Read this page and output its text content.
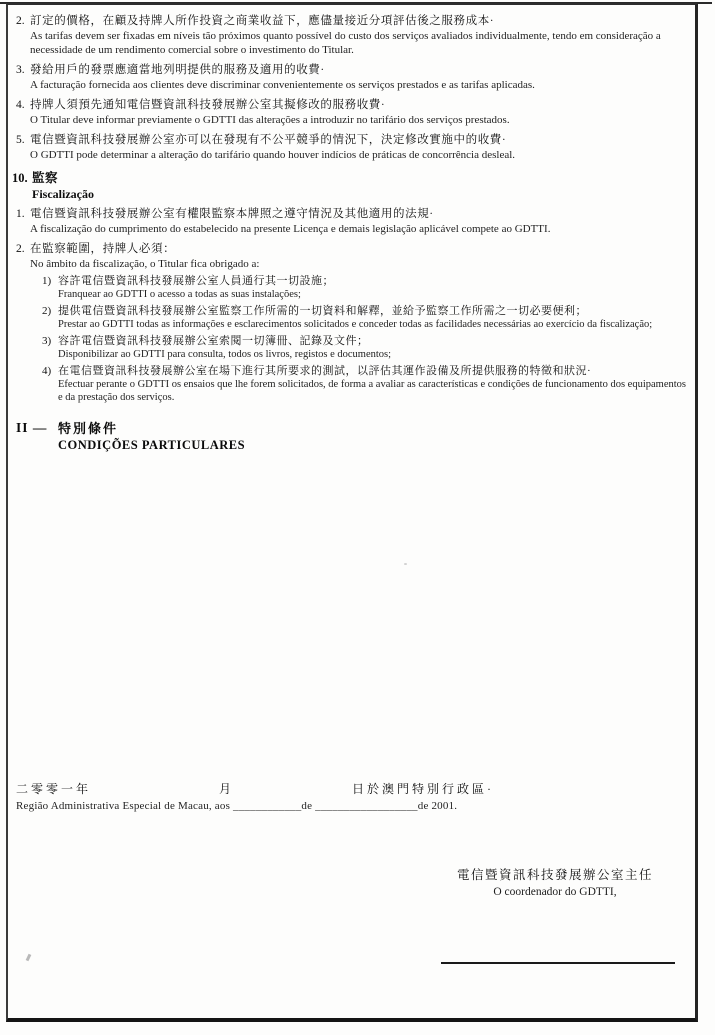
2. 訂定的價格，在顧及持牌人所作投資之商業收益下，應儘量接近分項評估後之服務成本·
As tarifas devem ser fixadas em níveis tão próximos quanto possível do custo dos serviços avaliados individualmente, tendo em consideração a necessidade de um rendimento comercial sobre o investimento do Titular.
3. 發給用戶的發票應適當地列明提供的服務及適用的收費·
A facturação fornecida aos clientes deve discriminar convenientemente os serviços prestados e as tarifas aplicadas.
4. 持牌人須預先通知電信暨資訊科技發展辦公室其擬修改的服務收費·
O Titular deve informar previamente o GDTTI das alterações a introduzir no tarifário dos serviços prestados.
5. 電信暨資訊科技發展辦公室亦可以在發現有不公平競爭的情況下，決定修改實施中的收費·
O GDTTI pode determinar a alteração do tarifário quando houver indícios de práticas de concorrência desleal.
10. 監察
Fiscalização
1. 電信暨資訊科技發展辦公室有權限監察本牌照之遵守情況及其他適用的法規·
A fiscalização do cumprimento do estabelecido na presente Licença e demais legislação aplicável compete ao GDTTI.
2. 在監察範圍，持牌人必須：
No âmbito da fiscalização, o Titular fica obrigado a:
1) 容許電信暨資訊科技發展辦公室人員通行其一切設施；
Franquear ao GDTTI o acesso a todas as suas instalações;
2) 提供電信暨資訊科技發展辦公室監察工作所需的一切資料和解釋，並給予監察工作所需之一切必要便利；
Prestar ao GDTTI todas as informações e esclarecimentos solicitados e conceder todas as facilidades necessárias ao exercício da fiscalização;
3) 容許電信暨資訊科技發展辦公室索閱一切簿冊、記錄及文件；
Disponibilizar ao GDTTI para consulta, todos os livros, registos e documentos;
4) 在電信暨資訊科技發展辦公室在場下進行其所要求的測試，以評估其運作設備及所提供服務的特徵和狀況·
Efectuar perante o GDTTI os ensaios que lhe forem solicitados, de forma a avaliar as características e condições de funcionamento dos equipamentos e da prestação dos serviços.
II — 特別條件
CONDIÇÕES PARTICULARES
二零零一年	月	日於澳門特別行政區·
Região Administrativa Especial de Macau, aos ____________de __________________de 2001.
電信暨資訊科技發展辦公室主任
O coordenador do GDTTI,
